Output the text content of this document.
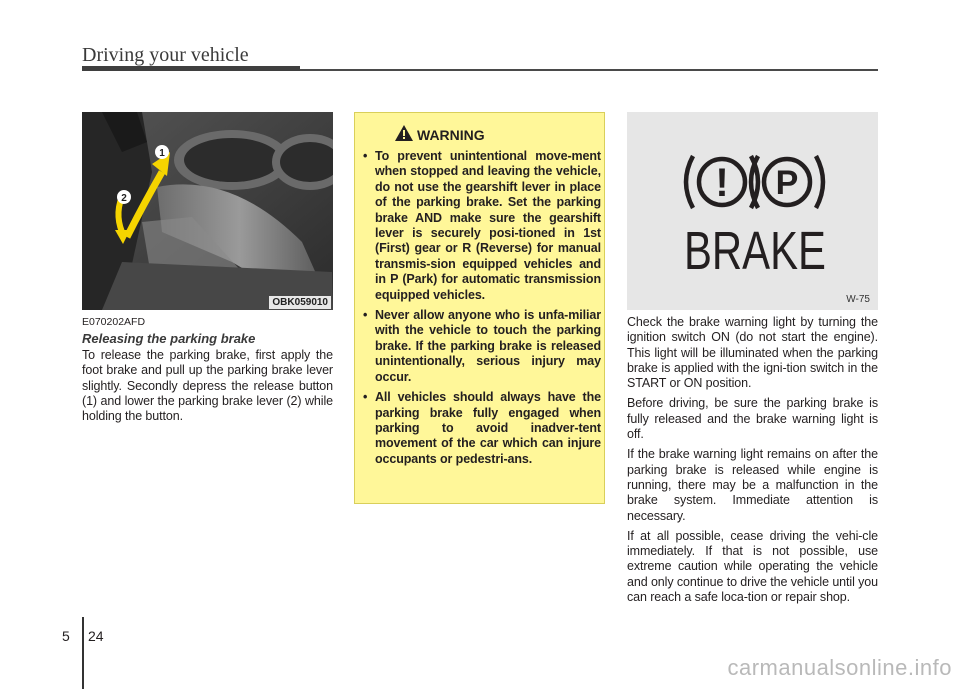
Driving your vehicle
1
2
OBK059010
E070202AFD
Releasing the parking brake
To release the parking brake, first apply the foot brake and pull up the parking brake lever slightly. Secondly depress the release button (1) and lower the parking brake lever (2) while holding the button.
WARNING
• To prevent unintentional move-ment when stopped and leaving the vehicle, do not use the gearshift lever in place of the parking brake. Set the parking brake AND make sure the gearshift lever is securely posi-tioned in 1st (First) gear or R (Reverse) for manual transmis-sion equipped vehicles and in P (Park) for automatic transmission equipped vehicles.
• Never allow anyone who is unfa-miliar with the vehicle to touch the parking brake. If the parking brake is released unintentionally, serious injury may occur.
• All vehicles should always have the parking brake fully engaged when parking to avoid inadver-tent movement of the car which can injure occupants or pedestri-ans.
! P
BRAKE
W-75

Check the brake warning light by turning the ignition switch ON (do not start the engine). This light will be illuminated when the parking brake is applied with the igni-tion switch in the START or ON position.

Before driving, be sure the parking brake is fully released and the brake warning light is off.

If the brake warning light remains on after the parking brake is released while engine is running, there may be a malfunction in the brake system. Immediate attention is necessary.

If at all possible, cease driving the vehi-cle immediately. If that is not possible, use extreme caution while operating the vehicle and only continue to drive the vehicle until you can reach a safe loca-tion or repair shop.

5 24
carmanualsonline.info
